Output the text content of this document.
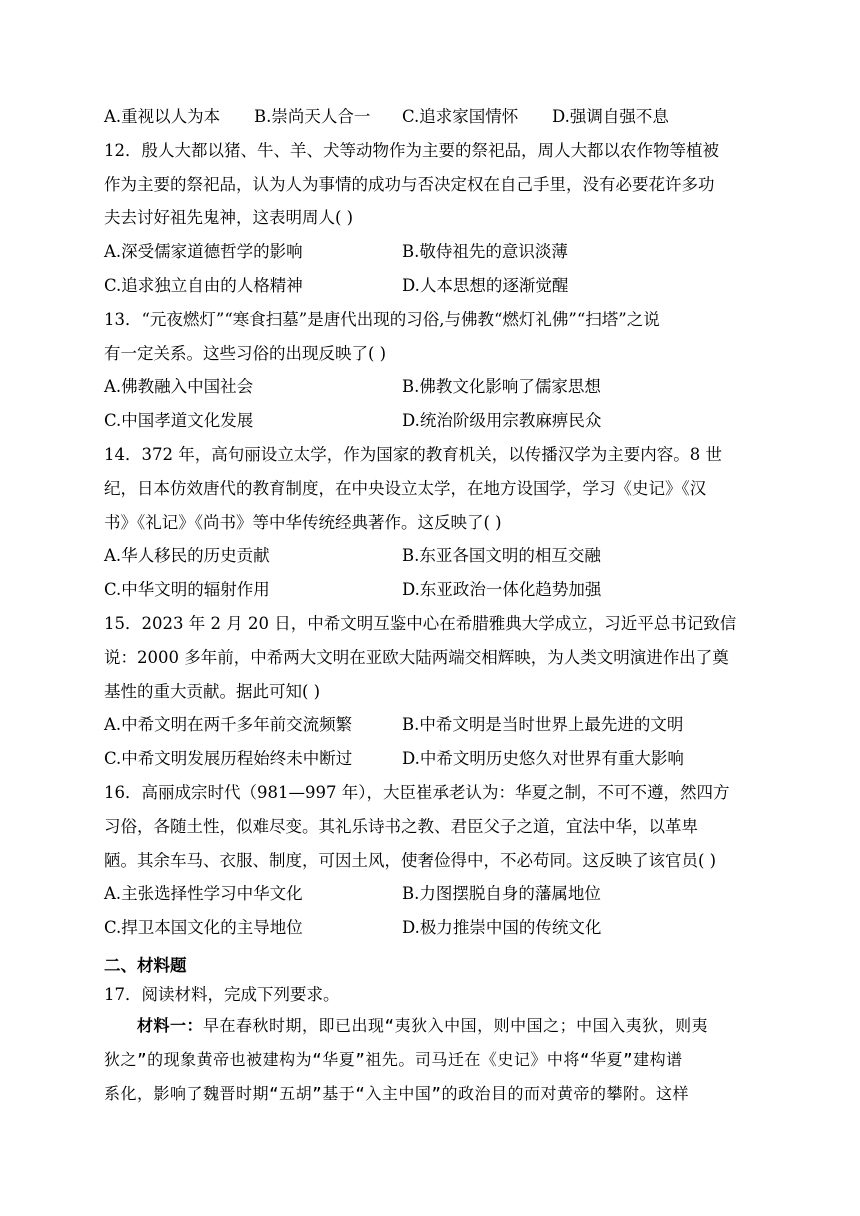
A.重视以人为本	B.崇尚天人合一	C.追求家国情怀	D.强调自强不息
12．殷人大都以猪、牛、羊、犬等动物作为主要的祭祀品，周人大都以农作物等植被
作为主要的祭祀品，认为人为事情的成功与否决定权在自己手里，没有必要花许多功
夫去讨好祖先鬼神，这表明周人( )
A.深受儒家道德哲学的影响	B.敬侍祖先的意识淡薄
C.追求独立自由的人格精神	D.人本思想的逐渐觉醒
13．“元夜燃灯”“寒食扫墓”是唐代出现的习俗,与佛教“燃灯礼佛”“扫塔”之说
有一定关系。这些习俗的出现反映了( )
A.佛教融入中国社会	B.佛教文化影响了儒家思想
C.中国孝道文化发展	D.统治阶级用宗教麻痹民众
14．372 年，高句丽设立太学，作为国家的教育机关，以传播汉学为主要内容。8 世
纪，日本仿效唐代的教育制度，在中央设立太学，在地方设国学，学习《史记》《汉
书》《礼记》《尚书》等中华传统经典著作。这反映了( )
A.华人移民的历史贡献	B.东亚各国文明的相互交融
C.中华文明的辐射作用	D.东亚政治一体化趋势加强
15．2023 年 2 月 20 日，中希文明互鉴中心在希腊雅典大学成立，习近平总书记致信
说：2000 多年前，中希两大文明在亚欧大陆两端交相辉映，为人类文明演进作出了奠
基性的重大贡献。据此可知( )
A.中希文明在两千多年前交流频繁	B.中希文明是当时世界上最先进的文明
C.中希文明发展历程始终未中断过	D.中希文明历史悠久对世界有重大影响
16．高丽成宗时代（981—997 年），大臣崔承老认为：华夏之制，不可不遵，然四方
习俗，各随土性，似难尽变。其礼乐诗书之教、君臣父子之道，宜法中华，以革卑
陋。其余车马、衣服、制度，可因土风，使奢俭得中，不必苟同。这反映了该官员( )
A.主张选择性学习中华文化	B.力图摆脱自身的藩属地位
C.捍卫本国文化的主导地位	D.极力推崇中国的传统文化
二、材料题
17．阅读材料，完成下列要求。
材料一：早在春秋时期，即已出现“夷狄入中国，则中国之；中国入夷狄，则夷
狄之”的现象黄帝也被建构为“华夏”祖先。司马迁在《史记》中将“华夏”建构谱
系化，影响了魏晋时期“五胡”基于“入主中国”的政治目的而对黄帝的攀附。这样
